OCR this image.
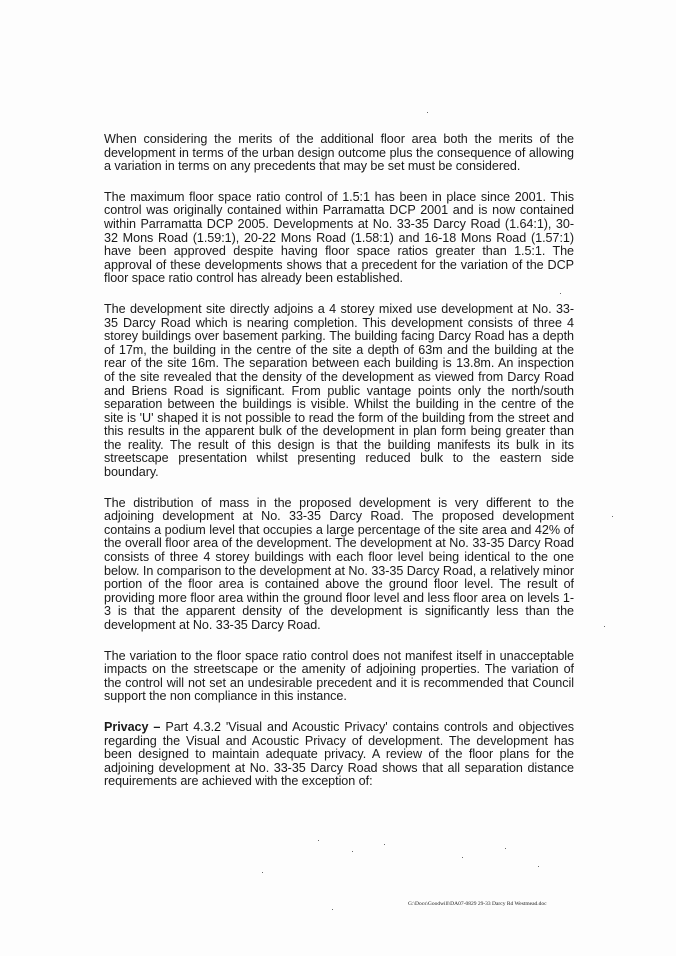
When considering the merits of the additional floor area both the merits of the development in terms of the urban design outcome plus the consequence of allowing a variation in terms on any precedents that may be set must be considered.

The maximum floor space ratio control of 1.5:1 has been in place since 2001. This control was originally contained within Parramatta DCP 2001 and is now contained within Parramatta DCP 2005. Developments at No. 33-35 Darcy Road (1.64:1), 30-32 Mons Road (1.59:1), 20-22 Mons Road (1.58:1) and 16-18 Mons Road (1.57:1) have been approved despite having floor space ratios greater than 1.5:1. The approval of these developments shows that a precedent for the variation of the DCP floor space ratio control has already been established.

The development site directly adjoins a 4 storey mixed use development at No. 33-35 Darcy Road which is nearing completion. This development consists of three 4 storey buildings over basement parking. The building facing Darcy Road has a depth of 17m, the building in the centre of the site a depth of 63m and the building at the rear of the site 16m. The separation between each building is 13.8m. An inspection of the site revealed that the density of the development as viewed from Darcy Road and Briens Road is significant. From public vantage points only the north/south separation between the buildings is visible. Whilst the building in the centre of the site is 'U' shaped it is not possible to read the form of the building from the street and this results in the apparent bulk of the development in plan form being greater than the reality. The result of this design is that the building manifests its bulk in its streetscape presentation whilst presenting reduced bulk to the eastern side boundary.

The distribution of mass in the proposed development is very different to the adjoining development at No. 33-35 Darcy Road. The proposed development contains a podium level that occupies a large percentage of the site area and 42% of the overall floor area of the development. The development at No. 33-35 Darcy Road consists of three 4 storey buildings with each floor level being identical to the one below. In comparison to the development at No. 33-35 Darcy Road, a relatively minor portion of the floor area is contained above the ground floor level. The result of providing more floor area within the ground floor level and less floor area on levels 1-3 is that the apparent density of the development is significantly less than the development at No. 33-35 Darcy Road.

The variation to the floor space ratio control does not manifest itself in unacceptable impacts on the streetscape or the amenity of adjoining properties. The variation of the control will not set an undesirable precedent and it is recommended that Council support the non compliance in this instance.

Privacy – Part 4.3.2 'Visual and Acoustic Privacy' contains controls and objectives regarding the Visual and Acoustic Privacy of development. The development has been designed to maintain adequate privacy. A review of the floor plans for the adjoining development at No. 33-35 Darcy Road shows that all separation distance requirements are achieved with the exception of:

G:\Docs\Goodwill\DA07-0829 29-33 Darcy Rd Westmead.doc
